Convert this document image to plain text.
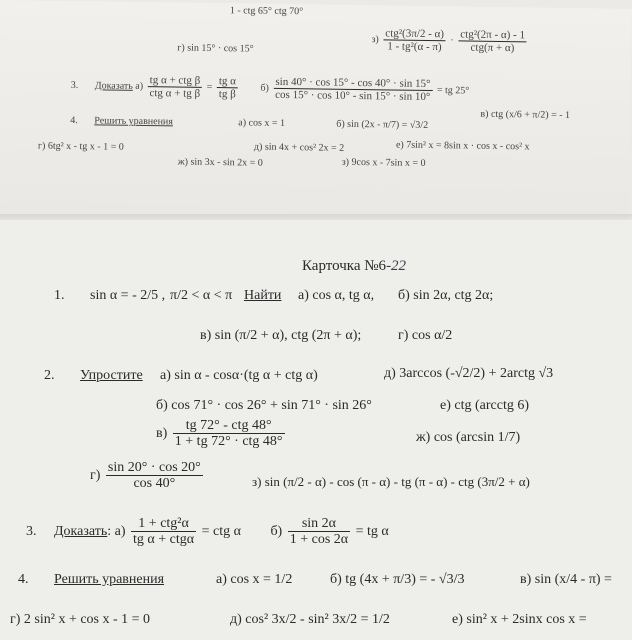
1 - ctg 65° ctg 70°
г) sin 15° · cos 15°
$з) \frac{\text{ctg²(3π/2 - α)}}{\text{1 - tg²(α - π)}} \cdot \frac{\text{ctg²(2π - α) - 1}}{\text{ctg(π + α)}}$
3. Доказать $а) \frac{\text{tg α + ctg β}}{\text{ctg α + tg β}} = \frac{\text{tg α}}{\text{tg β}} б) \frac{\sin 40^\circ \cdot \cos 15^\circ - \cos 40^\circ \cdot \sin 15^\circ}{\cos 15^\circ \cdot \cos 10^\circ - \sin 15^\circ \cdot \sin 10^\circ}$ = tg 25°
4. Решить уравнения	а) cos x = 1	б) sin (2x - π/7) = √3/2
в) ctg (x/6 + π/2) = - 1
г) 6tg² x - tg x - 1 = 0	д) sin 4x + cos² 2x = 2	е) 7sin² x = 8sin x · cos x - cos² x
ж) sin 3x - sin 2x = 0	з) 9cos x - 7sin x = 0
Карточка №6-22
1. sin α = - 2/5 , π/2 < α < π Найти а) cos α, tg α, б) sin 2α, ctg 2α;
в) sin (π/2 + α), ctg (2π + α);	г) cos α/2
2. Упростите а) sin α - cosα·(tg α + ctg α)	д) 3arccos (-√2/2) + 2arctg √3
б) cos 71° · cos 26° + sin 71° · sin 26°	е) ctg (arcctg 6)
$в) \frac{\text{tg 72° - ctg 48°}}{\text{1 + tg 72° · ctg 48°}}$	ж) cos (arcsin 1/7)
$г) \frac{\sin 20^\circ \cdot \cos 20^\circ}{\cos 40^\circ}$	з) sin (π/2 - α) - cos (π - α) - tg (π - α) - ctg (3π/2 + α)
3. Доказать: $а) \frac{\text{1 + ctg²α}}{\text{tg α + ctgα}}$ = ctg α $б) \frac{\sin 2\alpha}{1 + \cos 2\alpha}$ = tg α
4. Решить уравнения	а) cos x = 1/2	б) tg (4x + π/3) = - √3/3	в) sin (x/4 - π) =
г) 2 sin² x + cos x - 1 = 0	д) cos² 3x/2 - sin² 3x/2 = 1/2	е) sin² x + 2sinx cos x =
